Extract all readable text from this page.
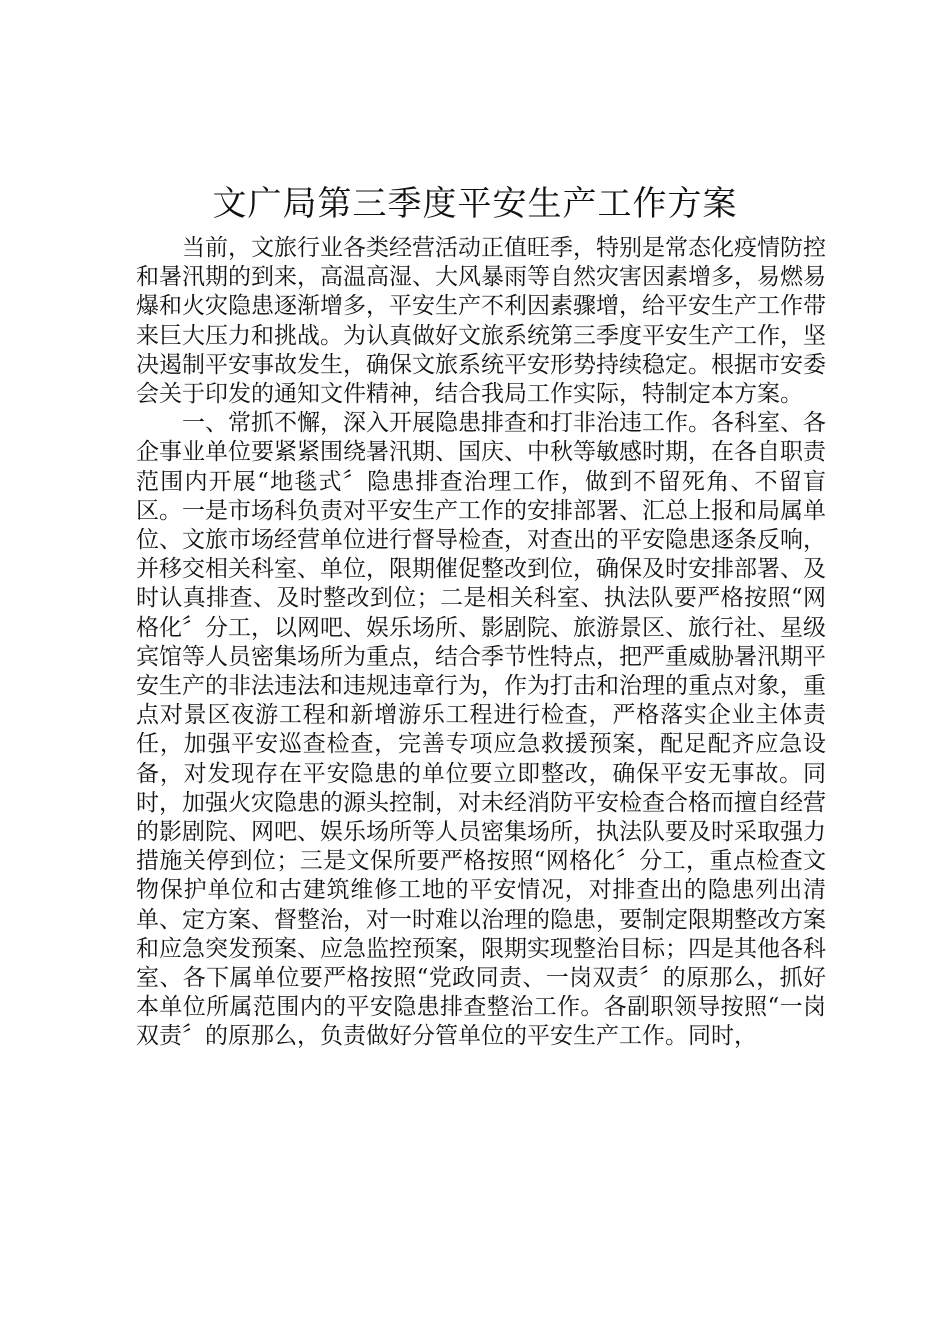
文广局第三季度平安生产工作方案

当前，文旅行业各类经营活动正值旺季，特别是常态化疫情防控和暑汛期的到来，高温高湿、大风暴雨等自然灾害因素增多，易燃易爆和火灾隐患逐渐增多，平安生产不利因素骤增，给平安生产工作带来巨大压力和挑战。为认真做好文旅系统第三季度平安生产工作，坚决遏制平安事故发生，确保文旅系统平安形势持续稳定。根据市安委会关于印发的通知文件精神，结合我局工作实际，特制定本方案。

一、常抓不懈，深入开展隐患排查和打非治违工作。各科室、各企事业单位要紧紧围绕暑汛期、国庆、中秋等敏感时期，在各自职责范围内开展“地毯式〞隐患排查治理工作，做到不留死角、不留盲区。一是市场科负责对平安生产工作的安排部署、汇总上报和局属单位、文旅市场经营单位进行督导检查，对查出的平安隐患逐条反响，并移交相关科室、单位，限期催促整改到位，确保及时安排部署、及时认真排查、及时整改到位；二是相关科室、执法队要严格按照“网格化〞分工，以网吧、娱乐场所、影剧院、旅游景区、旅行社、星级宾馆等人员密集场所为重点，结合季节性特点，把严重威胁暑汛期平安生产的非法违法和违规违章行为，作为打击和治理的重点对象，重点对景区夜游工程和新增游乐工程进行检查，严格落实企业主体责任，加强平安巡查检查，完善专项应急救援预案，配足配齐应急设备，对发现存在平安隐患的单位要立即整改，确保平安无事故。同时，加强火灾隐患的源头控制，对未经消防平安检查合格而擅自经营的影剧院、网吧、娱乐场所等人员密集场所，执法队要及时采取强力措施关停到位；三是文保所要严格按照“网格化〞分工，重点检查文物保护单位和古建筑维修工地的平安情况，对排查出的隐患列出清单、定方案、督整治，对一时难以治理的隐患，要制定限期整改方案和应急突发预案、应急监控预案，限期实现整治目标；四是其他各科室、各下属单位要严格按照“党政同责、一岗双责〞的原那么，抓好本单位所属范围内的平安隐患排查整治工作。各副职领导按照“一岗双责〞的原那么，负责做好分管单位的平安生产工作。同时，
